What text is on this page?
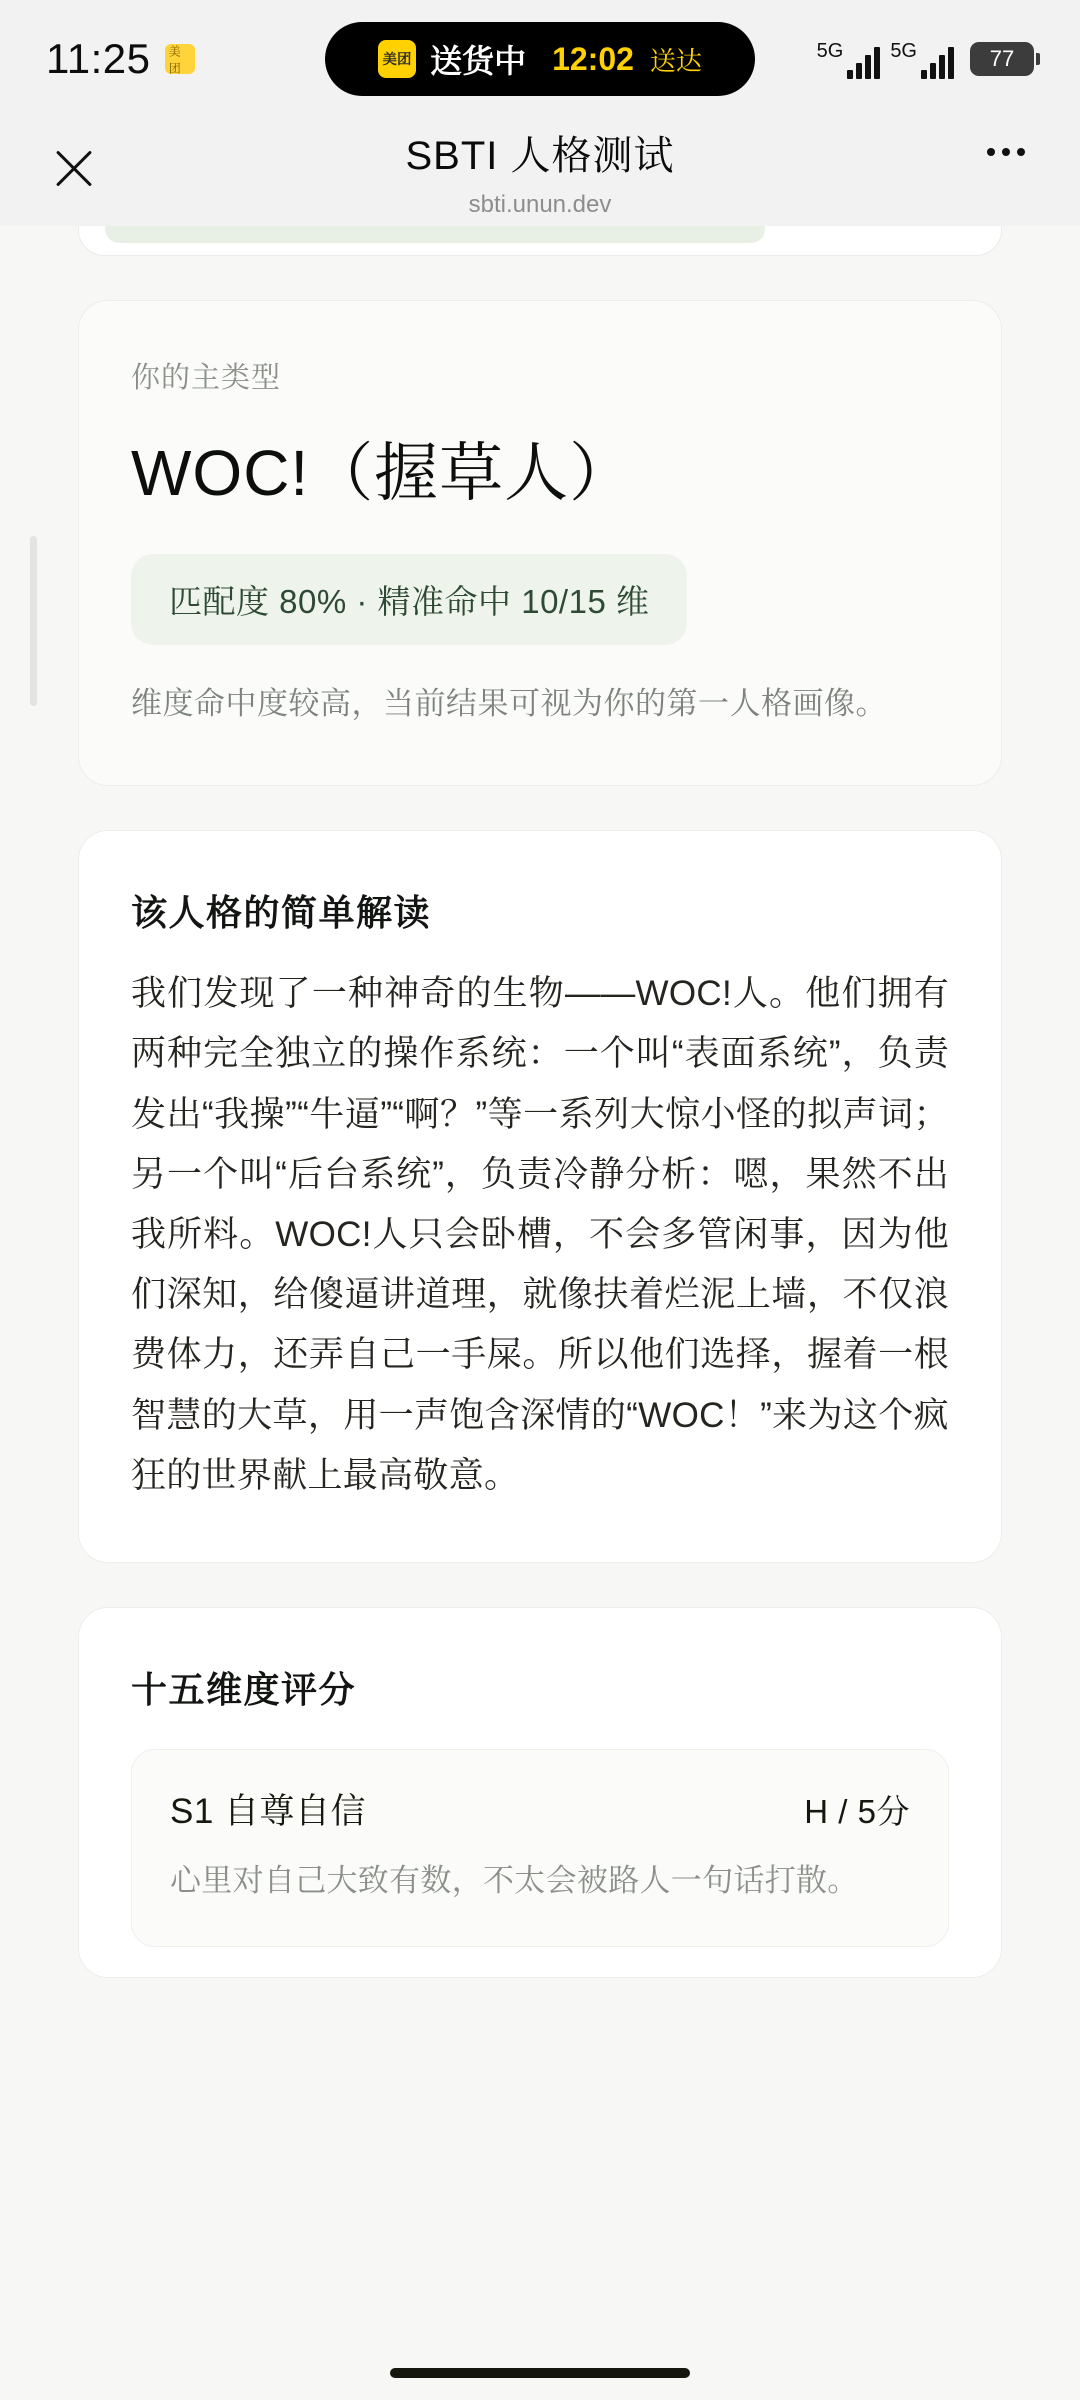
11:25 美团
美团 送货中 12:02 送达	5G 5G	77
SBTI 人格测试
sbti.unun.dev
你的主类型
WOC!（握草人）
匹配度 80% · 精准命中 10/15 维
维度命中度较高，当前结果可视为你的第一人格画像。
该人格的简单解读
我们发现了一种神奇的生物——WOC!人。他们拥有两种完全独立的操作系统：一个叫“表面系统”，负责发出“我操”“牛逼”“啊？”等一系列大惊小怪的拟声词；另一个叫“后台系统”，负责冷静分析：嗯，果然不出我所料。WOC!人只会卧槽，不会多管闲事，因为他们深知，给傻逼讲道理，就像扶着烂泥上墙，不仅浪费体力，还弄自己一手屎。所以他们选择，握着一根智慧的大草，用一声饱含深情的“WOC！”来为这个疯狂的世界献上最高敬意。
十五维度评分
S1 自尊自信	H / 5分
心里对自己大致有数，不太会被路人一句话打散。
